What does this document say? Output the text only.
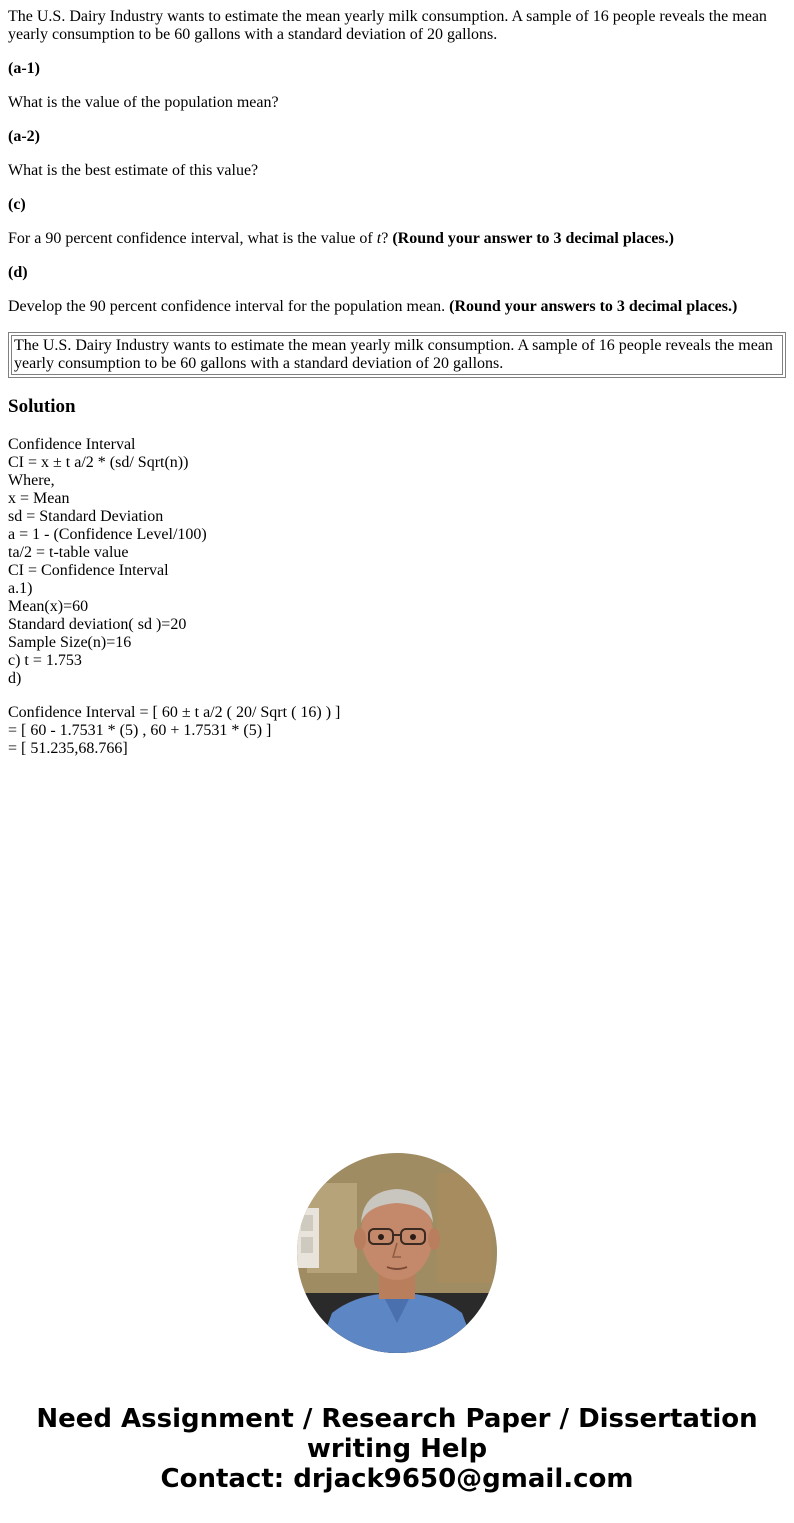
The U.S. Dairy Industry wants to estimate the mean yearly milk consumption. A sample of 16 people reveals the mean yearly consumption to be 60 gallons with a standard deviation of 20 gallons.

(a-1)

What is the value of the population mean?

(a-2)

What is the best estimate of this value?

(c)

For a 90 percent confidence interval, what is the value of t? (Round your answer to 3 decimal places.)

(d)

Develop the 90 percent confidence interval for the population mean. (Round your answers to 3 decimal places.)

The U.S. Dairy Industry wants to estimate the mean yearly milk consumption. A sample of 16 people reveals the mean yearly consumption to be 60 gallons with a standard deviation of 20 gallons.
Solution
Confidence Interval
CI = x ± t a/2 * (sd/ Sqrt(n))
Where,
x = Mean
sd = Standard Deviation
a = 1 - (Confidence Level/100)
ta/2 = t-table value
CI = Confidence Interval
a.1)
Mean(x)=60
Standard deviation( sd )=20
Sample Size(n)=16
c) t = 1.753
d)
Confidence Interval = [ 60 ± t a/2 ( 20/ Sqrt ( 16) ) ]
= [ 60 - 1.7531 * (5) , 60 + 1.7531 * (5) ]
= [ 51.235,68.766]
Need Assignment / Research Paper / Dissertation
writing Help
Contact: drjack9650@gmail.com
